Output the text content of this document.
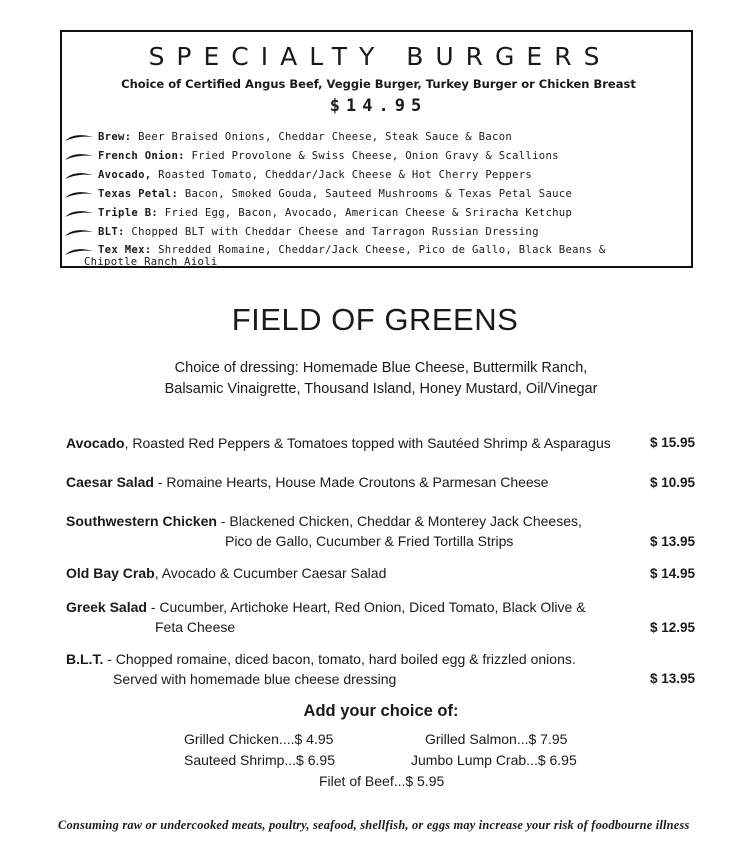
SPECIALTY BURGERS
Choice of Certified Angus Beef, Veggie Burger, Turkey Burger or Chicken Breast
$14.95
Brew: Beer Braised Onions, Cheddar Cheese, Steak Sauce & Bacon
French Onion: Fried Provolone & Swiss Cheese, Onion Gravy & Scallions
Avocado, Roasted Tomato, Cheddar/Jack Cheese & Hot Cherry Peppers
Texas Petal: Bacon, Smoked Gouda, Sauteed Mushrooms & Texas Petal Sauce
Triple B: Fried Egg, Bacon, Avocado, American Cheese & Sriracha Ketchup
BLT: Chopped BLT with Cheddar Cheese and Tarragon Russian Dressing
Tex Mex: Shredded Romaine, Cheddar/Jack Cheese, Pico de Gallo, Black Beans &
Chipotle Ranch Aioli
FIELD OF GREENS
Choice of dressing: Homemade Blue Cheese, Buttermilk Ranch,
Balsamic Vinaigrette, Thousand Island, Honey Mustard, Oil/Vinegar
Avocado, Roasted Red Peppers & Tomatoes topped with Sautéed Shrimp & Asparagus	$ 15.95
Caesar Salad - Romaine Hearts, House Made Croutons & Parmesan Cheese	$ 10.95
Southwestern Chicken - Blackened Chicken, Cheddar & Monterey Jack Cheeses,
Pico de Gallo, Cucumber & Fried Tortilla Strips	$ 13.95
Old Bay Crab, Avocado & Cucumber Caesar Salad	$ 14.95
Greek Salad - Cucumber, Artichoke Heart, Red Onion, Diced Tomato, Black Olive &
Feta Cheese	$ 12.95
B.L.T. - Chopped romaine, diced bacon, tomato, hard boiled egg & frizzled onions.
Served with homemade blue cheese dressing	$ 13.95
Add your choice of:
Grilled Chicken....$ 4.95	Grilled Salmon...$ 7.95
Sauteed Shrimp...$ 6.95	Jumbo Lump Crab...$ 6.95
Filet of Beef...$ 5.95
Consuming raw or undercooked meats, poultry, seafood, shellfish, or eggs may increase your risk of foodbourne illness
